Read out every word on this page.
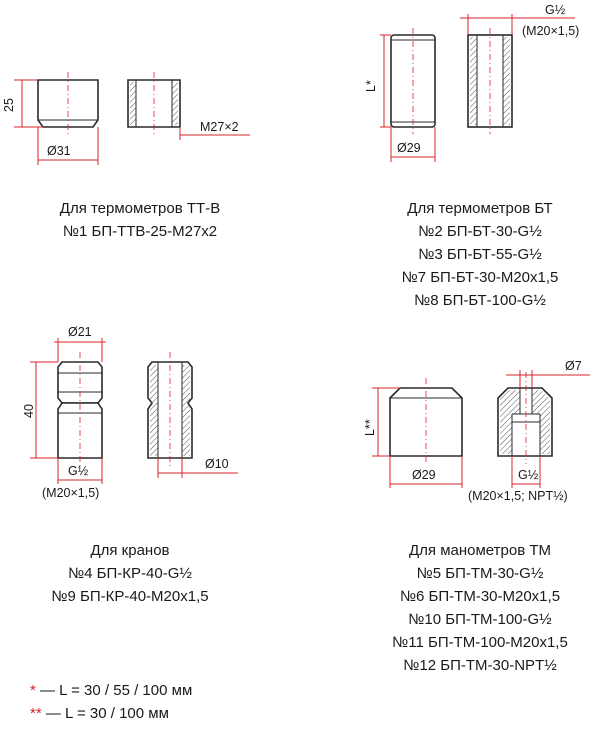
25
Ø31
M27×2
L*
Ø29
G½
(M20×1,5)
Ø21
40
G½
(M20×1,5)
Ø10
L**
Ø29
Ø7
G½
(M20×1,5; NPT½)
Для термометров ТТ-В
№1 БП-ТТВ-25-М27х2
Для термометров БТ
№2 БП-БТ-30-G½
№3 БП-БТ-55-G½
№7 БП-БТ-30-М20х1,5
№8 БП-БТ-100-G½
Для кранов
№4 БП-КР-40-G½
№9 БП-КР-40-М20х1,5
Для манометров ТМ
№5 БП-ТМ-30-G½
№6 БП-ТМ-30-М20х1,5
№10 БП-ТМ-100-G½
№11 БП-ТМ-100-М20х1,5
№12 БП-ТМ-30-NPT½
* — L = 30 / 55 / 100 мм
** — L = 30 / 100 мм
